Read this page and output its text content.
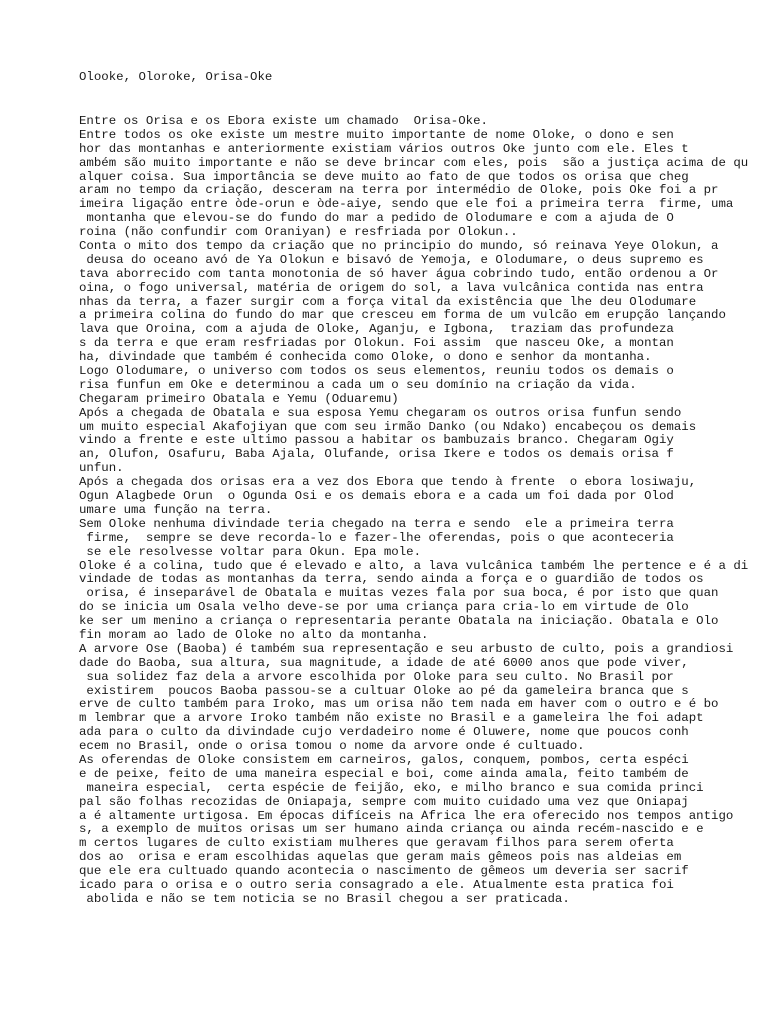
Olooke, Oloroke, Orisa-Oke
Entre os Orisa e os Ebora existe um chamado  Orisa-Oke.
Entre todos os oke existe um mestre muito importante de nome Oloke, o dono e sen
hor das montanhas e anteriormente existiam vários outros Oke junto com ele. Eles t
ambém são muito importante e não se deve brincar com eles, pois  são a justiça acima de qu
alquer coisa. Sua importância se deve muito ao fato de que todos os orisa que cheg
aram no tempo da criação, desceram na terra por intermédio de Oloke, pois Oke foi a pr
imeira ligação entre òde-orun e òde-aiye, sendo que ele foi a primeira terra  firme, uma
montanha que elevou-se do fundo do mar a pedido de Olodumare e com a ajuda de O
roina (não confundir com Oraniyan) e resfriada por Olokun..
Conta o mito dos tempo da criação que no principio do mundo, só reinava Yeye Olokun, a
deusa do oceano avó de Ya Olokun e bisavó de Yemoja, e Olodumare, o deus supremo es
tava aborrecido com tanta monotonia de só haver água cobrindo tudo, então ordenou a Or
oina, o fogo universal, matéria de origem do sol, a lava vulcânica contida nas entra
nhas da terra, a fazer surgir com a força vital da existência que lhe deu Olodumare
a primeira colina do fundo do mar que cresceu em forma de um vulcão em erupção lançando
lava que Oroina, com a ajuda de Oloke, Aganju, e Igbona,  traziam das profundeza
s da terra e que eram resfriadas por Olokun. Foi assim  que nasceu Oke, a montan
ha, divindade que também é conhecida como Oloke, o dono e senhor da montanha.
Logo Olodumare, o universo com todos os seus elementos, reuniu todos os demais o
risa funfun em Oke e determinou a cada um o seu domínio na criação da vida.
Chegaram primeiro Obatala e Yemu (Oduaremu)
Após a chegada de Obatala e sua esposa Yemu chegaram os outros orisa funfun sendo
um muito especial Akafojiyan que com seu irmão Danko (ou Ndako) encabeçou os demais
vindo a frente e este ultimo passou a habitar os bambuzais branco. Chegaram Ogiy
an, Olufon, Osafuru, Baba Ajala, Olufande, orisa Ikere e todos os demais orisa f
unfun.
Após a chegada dos orisas era a vez dos Ebora que tendo à frente  o ebora losiwaju,
Ogun Alagbede Orun  o Ogunda Osi e os demais ebora e a cada um foi dada por Olod
umare uma função na terra.
Sem Oloke nenhuma divindade teria chegado na terra e sendo  ele a primeira terra
firme,  sempre se deve recorda-lo e fazer-lhe oferendas, pois o que aconteceria
se ele resolvesse voltar para Okun. Epa mole.
Oloke é a colina, tudo que é elevado e alto, a lava vulcânica também lhe pertence e é a di
vindade de todas as montanhas da terra, sendo ainda a força e o guardião de todos os
orisa, é inseparável de Obatala e muitas vezes fala por sua boca, é por isto que quan
do se inicia um Osala velho deve-se por uma criança para cria-lo em virtude de Olo
ke ser um menino a criança o representaria perante Obatala na iniciação. Obatala e Olo
fin moram ao lado de Oloke no alto da montanha.
A arvore Ose (Baoba) é também sua representação e seu arbusto de culto, pois a grandiosi
dade do Baoba, sua altura, sua magnitude, a idade de até 6000 anos que pode viver,
sua solidez faz dela a arvore escolhida por Oloke para seu culto. No Brasil por
existirem  poucos Baoba passou-se a cultuar Oloke ao pé da gameleira branca que s
erve de culto também para Iroko, mas um orisa não tem nada em haver com o outro e é bo
m lembrar que a arvore Iroko também não existe no Brasil e a gameleira lhe foi adapt
ada para o culto da divindade cujo verdadeiro nome é Oluwere, nome que poucos conh
ecem no Brasil, onde o orisa tomou o nome da arvore onde é cultuado.
As oferendas de Oloke consistem em carneiros, galos, conquem, pombos, certa espéci
e de peixe, feito de uma maneira especial e boi, come ainda amala, feito também de
maneira especial,  certa espécie de feijão, eko, e milho branco e sua comida princi
pal são folhas recozidas de Oniapaja, sempre com muito cuidado uma vez que Oniapaj
a é altamente urtigosa. Em épocas difíceis na África lhe era oferecido nos tempos antigo
s, a exemplo de muitos orisas um ser humano ainda criança ou ainda recém-nascido e e
m certos lugares de culto existiam mulheres que geravam filhos para serem oferta
dos ao  orisa e eram escolhidas aquelas que geram mais gêmeos pois nas aldeias em
que ele era cultuado quando acontecia o nascimento de gêmeos um deveria ser sacrif
icado para o orisa e o outro seria consagrado a ele. Atualmente esta pratica foi
abolida e não se tem noticia se no Brasil chegou a ser praticada.
